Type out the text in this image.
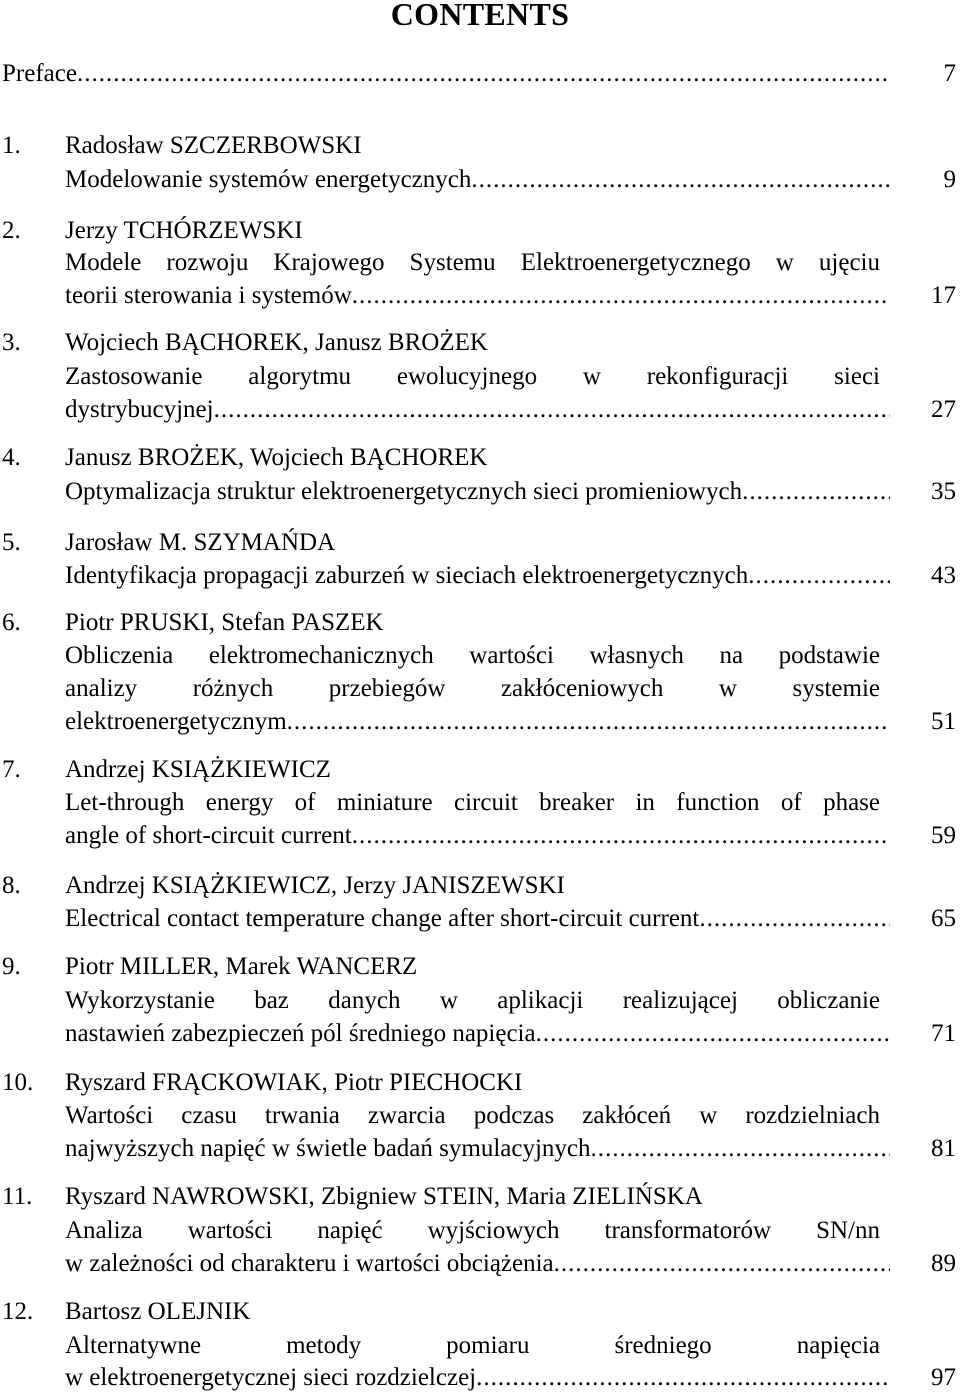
CONTENTS
Preface .....	7
1. Radosław SZCZERBOWSKI
Modelowanie systemów energetycznych .....	9
2. Jerzy TCHÓRZEWSKI
Modele rozwoju Krajowego Systemu Elektroenergetycznego w ujęciu
teorii sterowania i systemów .....	17
3. Wojciech BĄCHOREK, Janusz BROŻEK
Zastosowanie algorytmu ewolucyjnego w rekonfiguracji sieci
dystrybucyjnej .....	27
4. Janusz BROŻEK, Wojciech BĄCHOREK
Optymalizacja struktur elektroenergetycznych sieci promieniowych .....	35
5. Jarosław M. SZYMAŃDA
Identyfikacja propagacji zaburzeń w sieciach elektroenergetycznych .....	43
6. Piotr PRUSKI, Stefan PASZEK
Obliczenia elektromechanicznych wartości własnych na podstawie
analizy różnych przebiegów zakłóceniowych w systemie
elektroenergetycznym .....	51
7. Andrzej KSIĄŻKIEWICZ
Let-through energy of miniature circuit breaker in function of phase
angle of short-circuit current .....	59
8. Andrzej KSIĄŻKIEWICZ, Jerzy JANISZEWSKI
Electrical contact temperature change after short-circuit current .....	65
9. Piotr MILLER, Marek WANCERZ
Wykorzystanie baz danych w aplikacji realizującej obliczanie
nastawień zabezpieczeń pól średniego napięcia .....	71
10. Ryszard FRĄCKOWIAK, Piotr PIECHOCKI
Wartości czasu trwania zwarcia podczas zakłóceń w rozdzielniach
najwyższych napięć w świetle badań symulacyjnych .....	81
11. Ryszard NAWROWSKI, Zbigniew STEIN, Maria ZIELIŃSKA
Analiza wartości napięć wyjściowych transformatorów SN/nn
w zależności od charakteru i wartości obciążenia .....	89
12. Bartosz OLEJNIK
Alternatywne metody pomiaru średniego napięcia
w elektroenergetycznej sieci rozdzielczej .....	97
